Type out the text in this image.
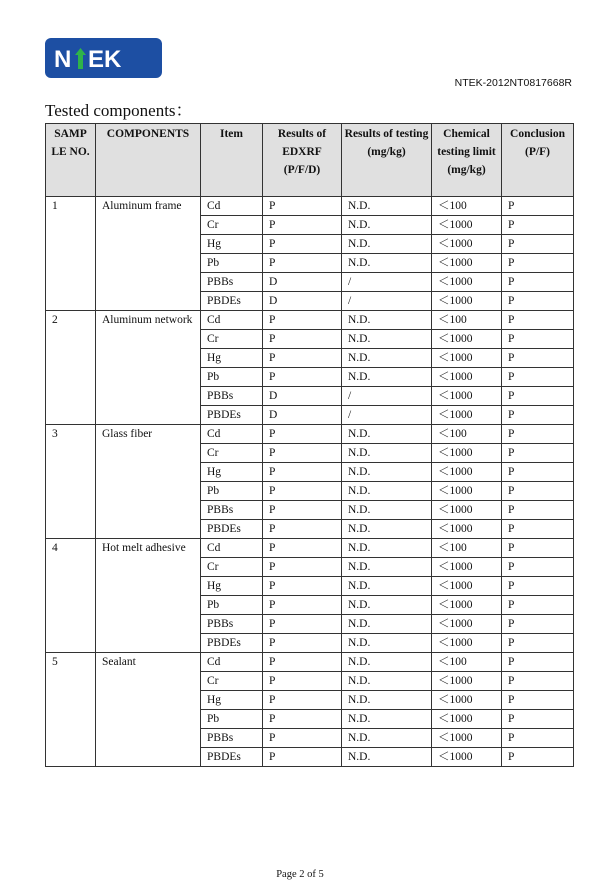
N EK
NTEK-2012NT0817668R
Tested components：
SAMP LE NO.	COMPONENTS	Item	Results of EDXRF (P/F/D)	Results of testing (mg/kg)	Chemical testing limit (mg/kg)	Conclusion (P/F)
1	Aluminum frame	Cd	P	N.D.	＜100	P
		Cr	P	N.D.	＜1000	P
		Hg	P	N.D.	＜1000	P
		Pb	P	N.D.	＜1000	P
		PBBs	D	/	＜1000	P
		PBDEs	D	/	＜1000	P
2	Aluminum network	Cd	P	N.D.	＜100	P
		Cr	P	N.D.	＜1000	P
		Hg	P	N.D.	＜1000	P
		Pb	P	N.D.	＜1000	P
		PBBs	D	/	＜1000	P
		PBDEs	D	/	＜1000	P
3	Glass fiber	Cd	P	N.D.	＜100	P
		Cr	P	N.D.	＜1000	P
		Hg	P	N.D.	＜1000	P
		Pb	P	N.D.	＜1000	P
		PBBs	P	N.D.	＜1000	P
		PBDEs	P	N.D.	＜1000	P
4	Hot melt adhesive	Cd	P	N.D.	＜100	P
		Cr	P	N.D.	＜1000	P
		Hg	P	N.D.	＜1000	P
		Pb	P	N.D.	＜1000	P
		PBBs	P	N.D.	＜1000	P
		PBDEs	P	N.D.	＜1000	P
5	Sealant	Cd	P	N.D.	＜100	P
		Cr	P	N.D.	＜1000	P
		Hg	P	N.D.	＜1000	P
		Pb	P	N.D.	＜1000	P
		PBBs	P	N.D.	＜1000	P
		PBDEs	P	N.D.	＜1000	P
Page 2 of 5
